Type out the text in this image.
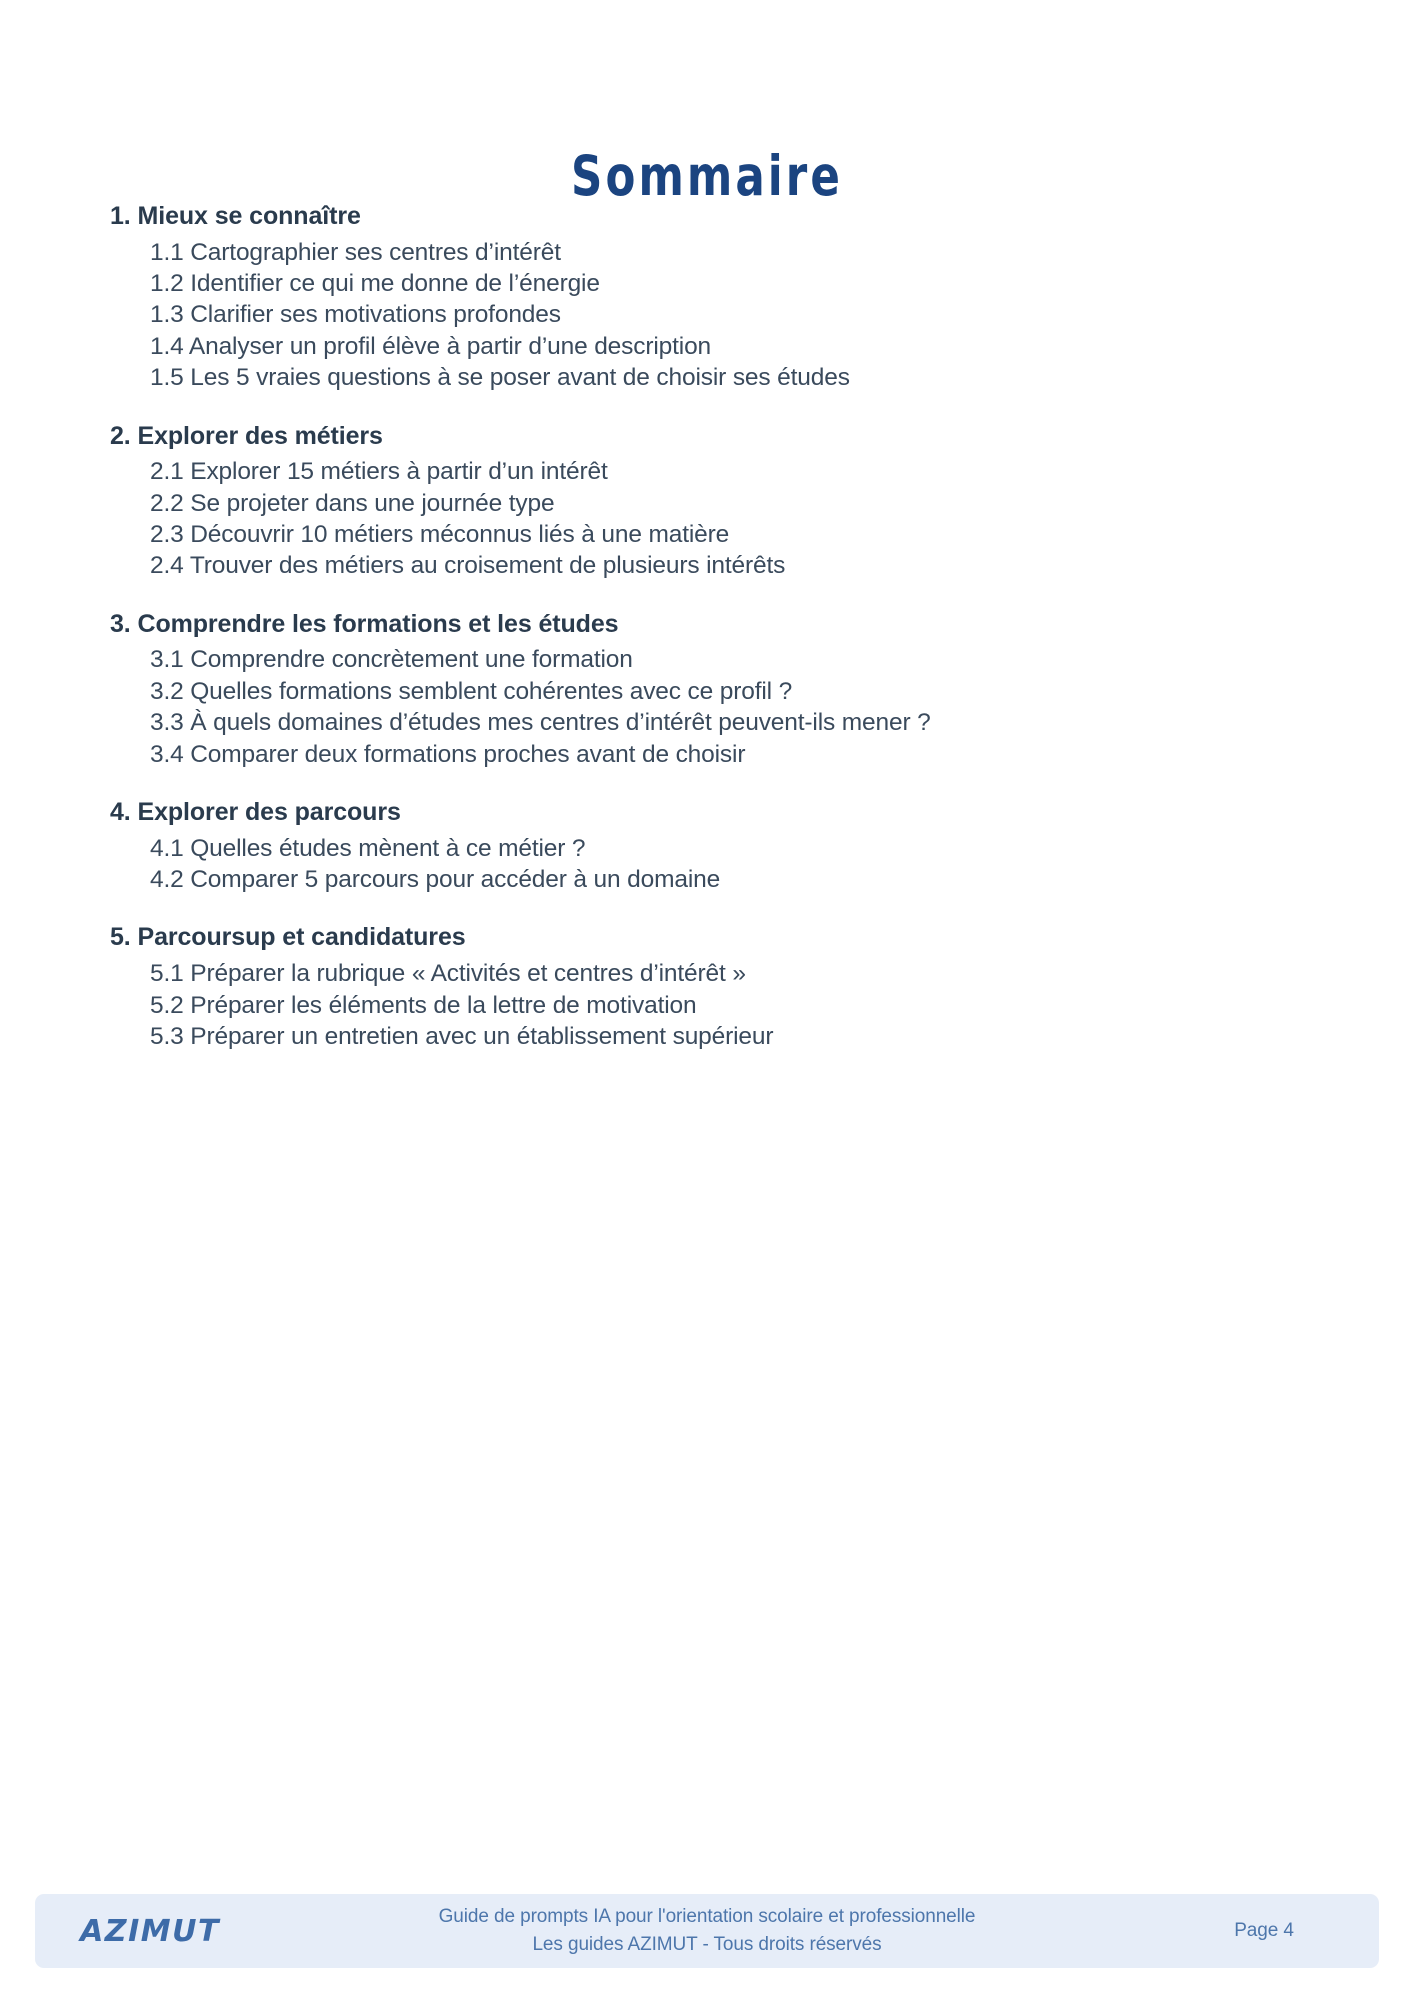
Sommaire
1. Mieux se connaître
1.1 Cartographier ses centres d’intérêt
1.2 Identifier ce qui me donne de l’énergie
1.3 Clarifier ses motivations profondes
1.4 Analyser un profil élève à partir d’une description
1.5 Les 5 vraies questions à se poser avant de choisir ses études
2. Explorer des métiers
2.1 Explorer 15 métiers à partir d’un intérêt
2.2 Se projeter dans une journée type
2.3 Découvrir 10 métiers méconnus liés à une matière
2.4 Trouver des métiers au croisement de plusieurs intérêts
3. Comprendre les formations et les études
3.1 Comprendre concrètement une formation
3.2 Quelles formations semblent cohérentes avec ce profil ?
3.3 À quels domaines d’études mes centres d’intérêt peuvent-ils mener ?
3.4 Comparer deux formations proches avant de choisir
4. Explorer des parcours
4.1 Quelles études mènent à ce métier ?
4.2 Comparer 5 parcours pour accéder à un domaine
5. Parcoursup et candidatures
5.1 Préparer la rubrique « Activités et centres d’intérêt »
5.2 Préparer les éléments de la lettre de motivation
5.3 Préparer un entretien avec un établissement supérieur
AZIMUT	Guide de prompts IA pour l'orientation scolaire et professionnelle
Les guides AZIMUT - Tous droits réservés
Page 4
